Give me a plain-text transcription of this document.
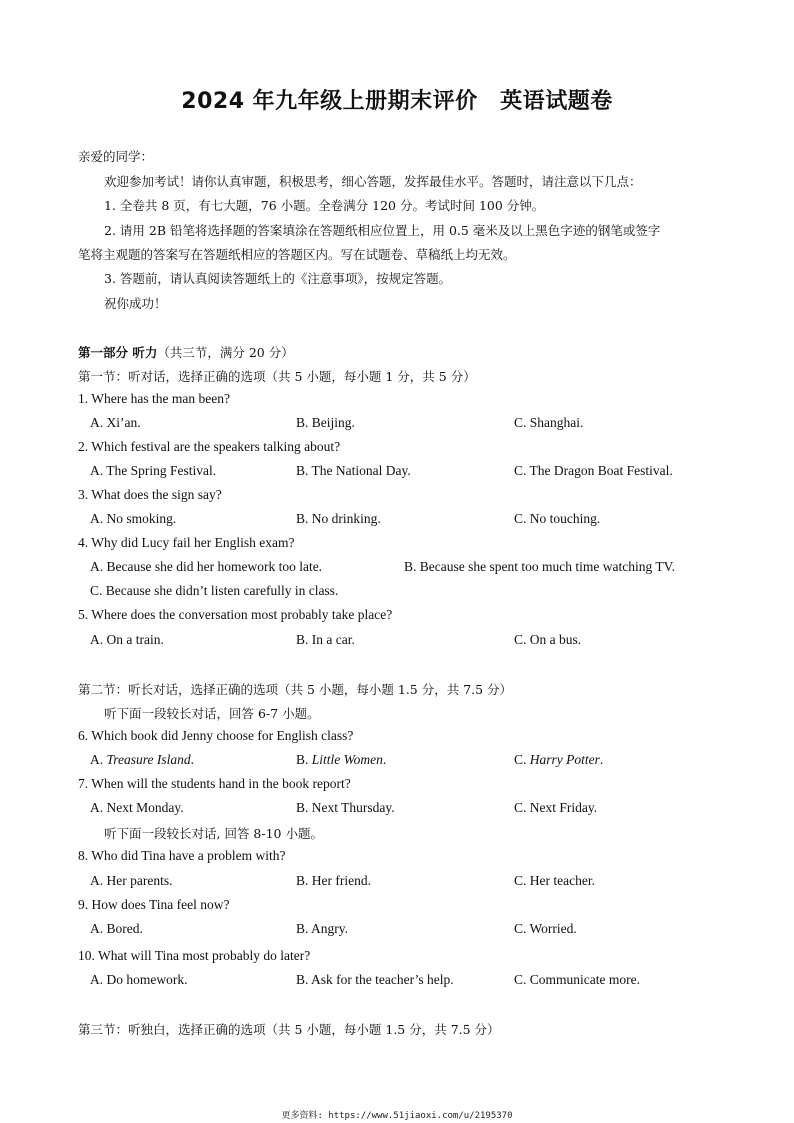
2024 年九年级上册期末评价　英语试题卷
亲爱的同学：
欢迎参加考试！请你认真审题，积极思考，细心答题，发挥最佳水平。答题时，请注意以下几点：
1. 全卷共 8 页，有七大题，76 小题。全卷满分 120 分。考试时间 100 分钟。
2. 请用 2B 铅笔将选择题的答案填涂在答题纸相应位置上，用 0.5 毫米及以上黑色字迹的钢笔或签字
笔将主观题的答案写在答题纸相应的答题区内。写在试题卷、草稿纸上均无效。
3. 答题前，请认真阅读答题纸上的《注意事项》，按规定答题。
祝你成功！
第一部分 听力（共三节，满分 20 分）
第一节：听对话，选择正确的选项（共 5 小题，每小题 1 分，共 5 分）
1. Where has the man been?
A. Xi’an.	B. Beijing.	C. Shanghai.
2. Which festival are the speakers talking about?
A. The Spring Festival.	B. The National Day.	C. The Dragon Boat Festival.
3. What does the sign say?
A. No smoking.	B. No drinking.	C. No touching.
4. Why did Lucy fail her English exam?
A. Because she did her homework too late.	B. Because she spent too much time watching TV.
C. Because she didn’t listen carefully in class.
5. Where does the conversation most probably take place?
A. On a train.	B. In a car.	C. On a bus.
第二节：听长对话，选择正确的选项（共 5 小题，每小题 1.5 分，共 7.5 分）
听下面一段较长对话，回答 6-7 小题。
6. Which book did Jenny choose for English class?
A. Treasure Island.	B. Little Women.	C. Harry Potter.
7. When will the students hand in the book report?
A. Next Monday.	B. Next Thursday.	C. Next Friday.
听下面一段较长对话, 回答 8-10 小题。
8. Who did Tina have a problem with?
A. Her parents.	B. Her friend.	C. Her teacher.
9. How does Tina feel now?
A. Bored.	B. Angry.	C. Worried.
10. What will Tina most probably do later?
A. Do homework.	B. Ask for the teacher’s help.	C. Communicate more.
第三节：听独白，选择正确的选项（共 5 小题，每小题 1.5 分，共 7.5 分）
更多资料: https://www.51jiaoxi.com/u/2195370
